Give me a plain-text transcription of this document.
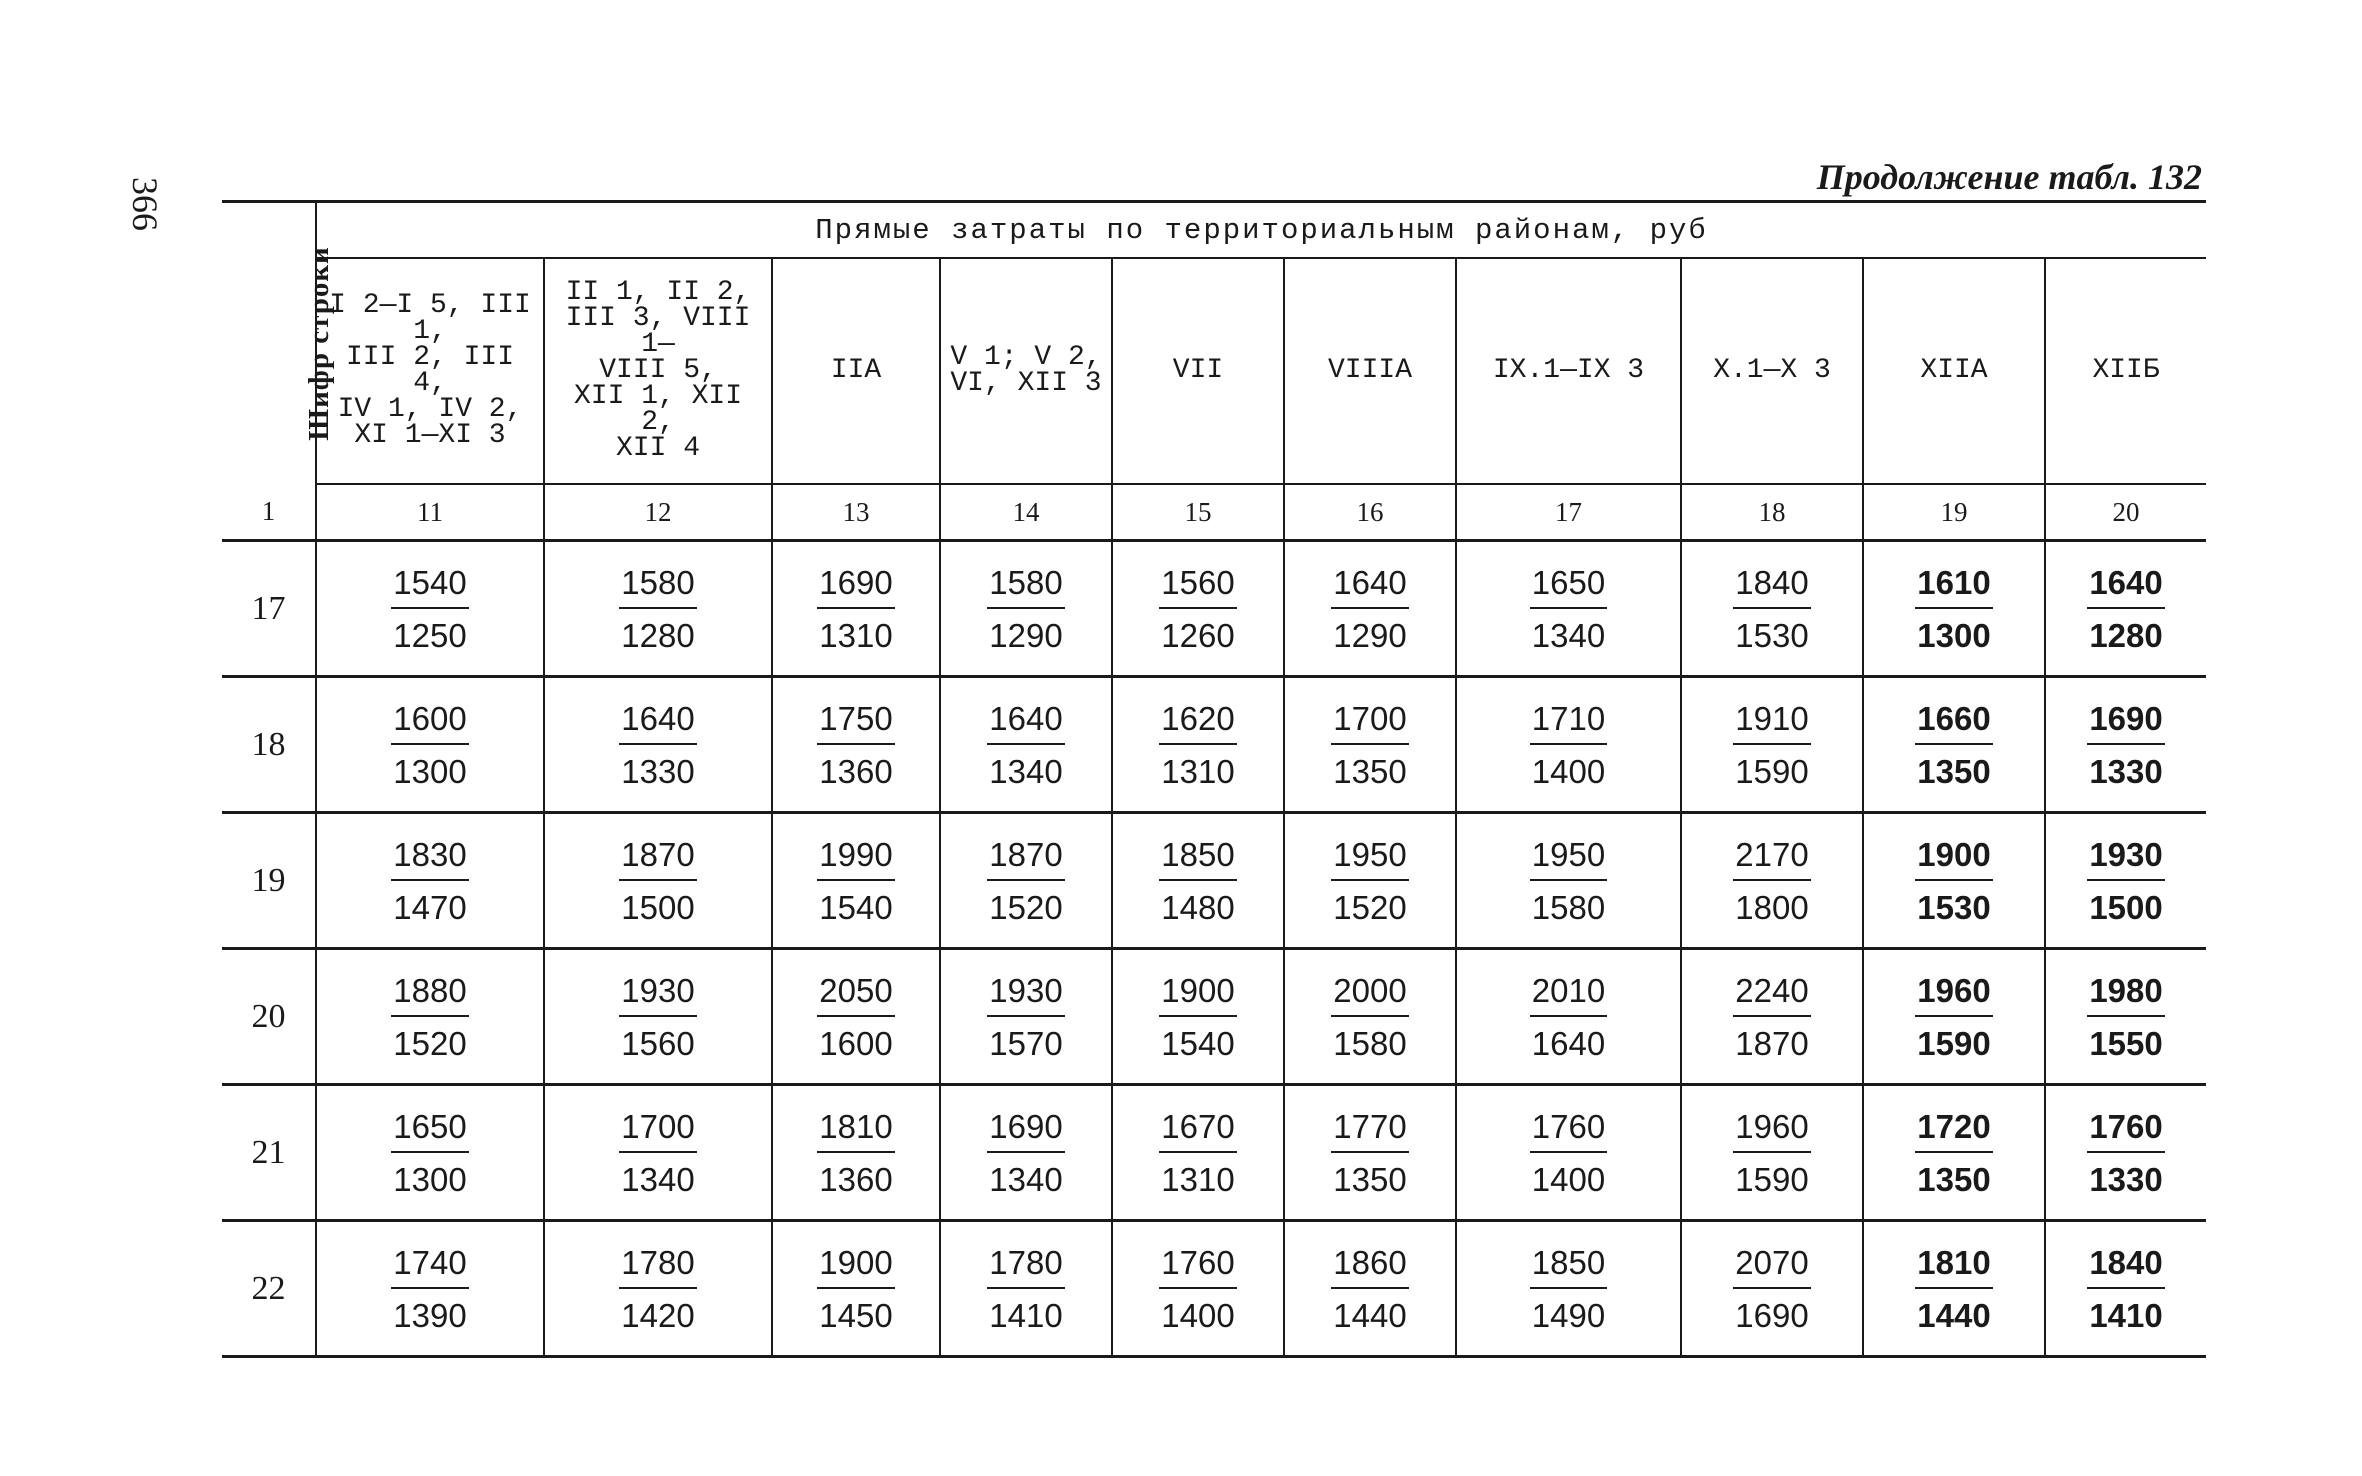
366	Продолжение табл. 132
Шифр строки	Прямые затраты по территориальным районам, руб									

	I 2—I 5, III 1,
III 2, III 4,
IV 1, IV 2,
XI 1—XI 3	II 1, II 2,
III 3, VIII 1—
VIII 5,
XII 1, XII 2,
XII 4	IIA	V 1; V 2,
VI, XII 3	VII	VIIIA	IX.1—IX 3	X.1—X 3	XIIA	XIIБ

1	11	12	13	14	15	16	17	18	19	20
17	$\frac{1540}{1250}$	$\frac{1580}{1280}$	$\frac{1690}{1310}$	$\frac{1580}{1290}$	$\frac{1560}{1260}$	$\frac{1640}{1290}$	$\frac{1650}{1340}$	$\frac{1840}{1530}$	$\frac{1610}{1300}$	$\frac{1640}{1280}$

18	$\frac{1600}{1300}$	$\frac{1640}{1330}$	$\frac{1750}{1360}$	$\frac{1640}{1340}$	$\frac{1620}{1310}$	$\frac{1700}{1350}$	$\frac{1710}{1400}$	$\frac{1910}{1590}$	$\frac{1660}{1350}$	$\frac{1690}{1330}$

19	$\frac{1830}{1470}$	$\frac{1870}{1500}$	$\frac{1990}{1540}$	$\frac{1870}{1520}$	$\frac{1850}{1480}$	$\frac{1950}{1520}$	$\frac{1950}{1580}$	$\frac{2170}{1800}$	$\frac{1900}{1530}$	$\frac{1930}{1500}$

20	$\frac{1880}{1520}$	$\frac{1930}{1560}$	$\frac{2050}{1600}$	$\frac{1930}{1570}$	$\frac{1900}{1540}$	$\frac{2000}{1580}$	$\frac{2010}{1640}$	$\frac{2240}{1870}$	$\frac{1960}{1590}$	$\frac{1980}{1550}$

21	$\frac{1650}{1300}$	$\frac{1700}{1340}$	$\frac{1810}{1360}$	$\frac{1690}{1340}$	$\frac{1670}{1310}$	$\frac{1770}{1350}$	$\frac{1760}{1400}$	$\frac{1960}{1590}$	$\frac{1720}{1350}$	$\frac{1760}{1330}$

22	$\frac{1740}{1390}$	$\frac{1780}{1420}$	$\frac{1900}{1450}$	$\frac{1780}{1410}$	$\frac{1760}{1400}$	$\frac{1860}{1440}$	$\frac{1850}{1490}$	$\frac{2070}{1690}$	$\frac{1810}{1440}$	$\frac{1840}{1410}$
